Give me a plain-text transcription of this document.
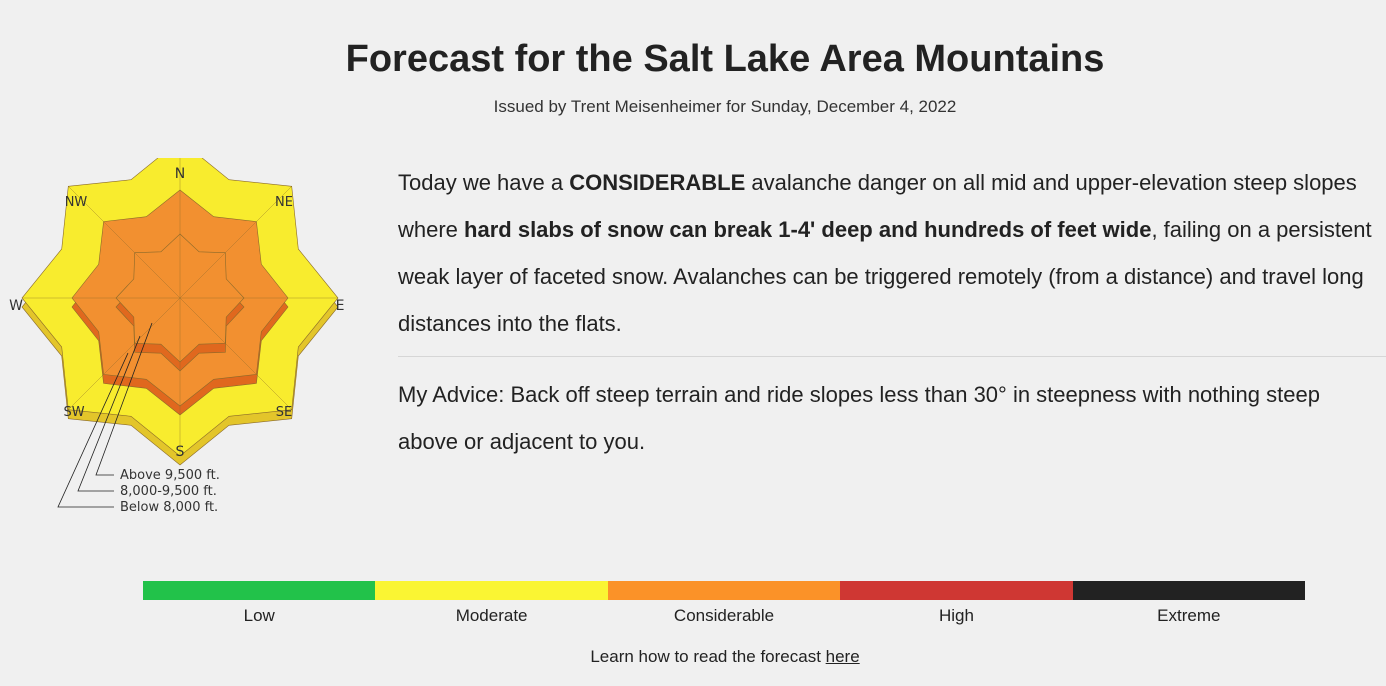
Forecast for the Salt Lake Area Mountains
Issued by Trent Meisenheimer for Sunday, December 4, 2022
N
NE
E
SE
S
SW
W
NW
Above 9,500 ft.
8,000-9,500 ft.
Below 8,000 ft.
Today we have a CONSIDERABLE avalanche danger on all mid and upper-elevation steep slopes where hard slabs of snow can break 1-4' deep and hundreds of feet wide, failing on a persistent weak layer of faceted snow. Avalanches can be triggered remotely (from a distance) and travel long distances into the flats.
My Advice: Back off steep terrain and ride slopes less than 30° in steepness with nothing steep above or adjacent to you.
Low	Moderate	Considerable	High	Extreme
Learn how to read the forecast here
